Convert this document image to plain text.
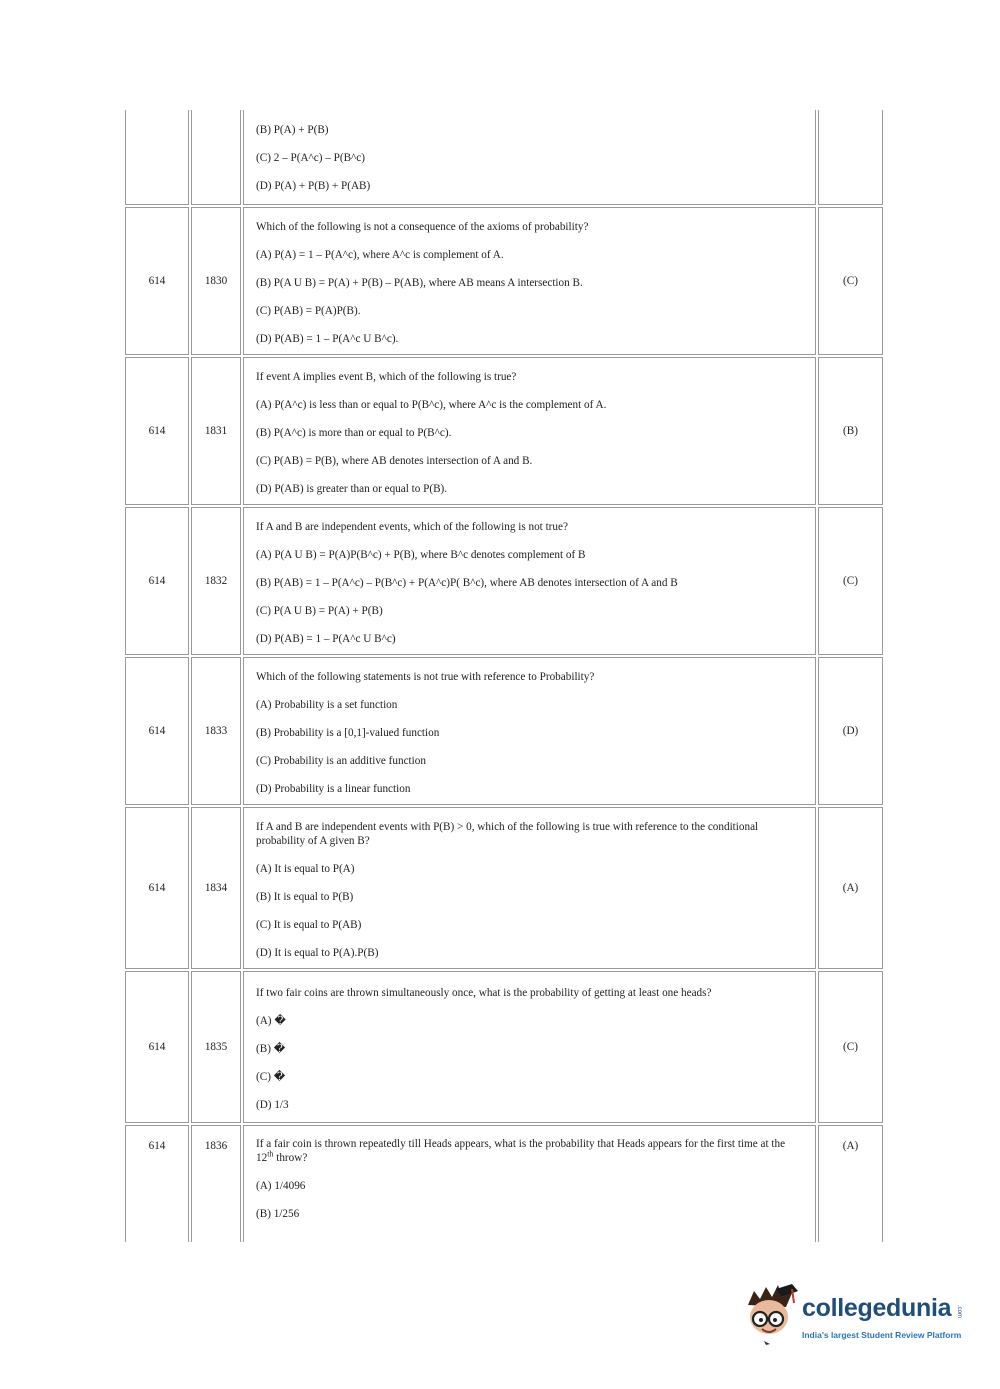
		(B) P(A) + P(B)

(C) 2 – P(A^c) – P(B^c)

(D) P(A) + P(B) + P(AB)	

614	1830	Which of the following is not a consequence of the axioms of probability?

(A) P(A) = 1 – P(A^c), where A^c is complement of A.

(B) P(A U B) = P(A) + P(B) – P(AB), where AB means A intersection B.

(C) P(AB) = P(A)P(B).

(D) P(AB) = 1 – P(A^c U B^c).	(C)
614	1831	If event A implies event B, which of the following is true?

(A) P(A^c) is less than or equal to P(B^c), where A^c is the complement of A.

(B) P(A^c) is more than or equal to P(B^c).

(C) P(AB) = P(B), where AB denotes intersection of A and B.

(D) P(AB) is greater than or equal to P(B).	(B)
614	1832	If A and B are independent events, which of the following is not true?

(A) P(A U B) = P(A)P(B^c) + P(B), where B^c denotes complement of B

(B) P(AB) = 1 – P(A^c) – P(B^c) + P(A^c)P( B^c), where AB denotes intersection of A and B

(C) P(A U B) = P(A) + P(B)

(D) P(AB) = 1 – P(A^c U B^c)	(C)
614	1833	Which of the following statements is not true with reference to Probability?

(A) Probability is a set function

(B) Probability is a [0,1]-valued function

(C) Probability is an additive function

(D) Probability is a linear function	(D)
614	1834	If A and B are independent events with P(B) > 0, which of the following is true with reference to the conditional probability of A given B?

(A) It is equal to P(A)

(B) It is equal to P(B)

(C) It is equal to P(AB)

(D) It is equal to P(A).P(B)	(A)
614	1835	If two fair coins are thrown simultaneously once, what is the probability of getting at least one heads?

(A) �

(B) �

(C) �

(D) 1/3	(C)
614	1836	If a fair coin is thrown repeatedly till Heads appears, what is the probability that Heads appears for the first time at the 12th throw?

(A) 1/4096

(B) 1/256	(A)
collegedunia .com
India's largest Student Review Platform
